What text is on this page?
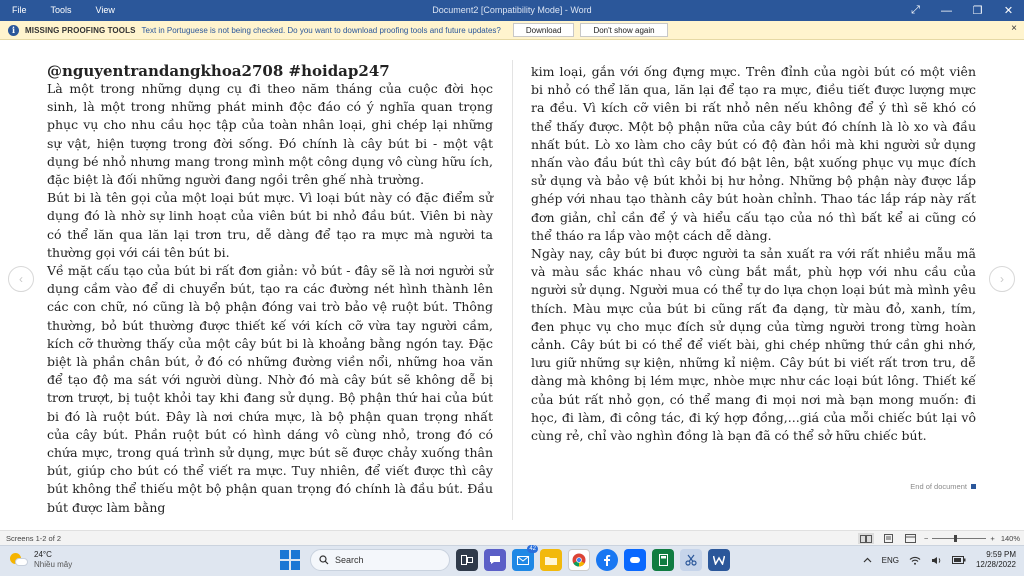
File	Tools	View	Document2 [Compatibility Mode] - Word	⤢	—	❐	✕
i	MISSING PROOFING TOOLS Text in Portuguese is not being checked. Do you want to download proofing tools and future updates?	Download	Don't show again	×
@nguyentrandangkhoa2708 #hoidap247

Là một trong những dụng cụ đi theo năm tháng của cuộc đời học sinh, là một trong những phát minh độc đáo có ý nghĩa quan trọng phục vụ cho nhu cầu học tập của toàn nhân loại, ghi chép lại những sự vật, hiện tượng trong đời sống. Đó chính là cây bút bi - một vật dụng bé nhỏ nhưng mang trong mình một công dụng vô cùng hữu ích, đặc biệt là đối những người đang ngồi trên ghế nhà trường.

Bút bi là tên gọi của một loại bút mực. Vì loại bút này có đặc điểm sử dụng đó là nhờ sự linh hoạt của viên bút bi nhỏ đầu bút. Viên bi này có thể lăn qua lăn lại trơn tru, dễ dàng để tạo ra mực mà người ta thường gọi với cái tên bút bi.

Về mặt cấu tạo của bút bi rất đơn giản: vỏ bút - đây sẽ là nơi người sử dụng cầm vào để di chuyển bút, tạo ra các đường nét hình thành lên các con chữ, nó cũng là bộ phận đóng vai trò bảo vệ ruột bút. Thông thường, bỏ bút thường được thiết kế với kích cỡ vừa tay người cầm, kích cỡ thường thấy của một cây bút bi là khoảng bằng ngón tay. Đặc biệt là phần chân bút, ở đó có những đường viền nổi, những hoa văn để tạo độ ma sát với người dùng. Nhờ đó mà cây bút sẽ không dễ bị trơn trượt, bị tuột khỏi tay khi đang sử dụng. Bộ phận thứ hai của bút bi đó là ruột bút. Đây là nơi chứa mực, là bộ phận quan trọng nhất của cây bút. Phần ruột bút có hình dáng vô cùng nhỏ, trong đó có chứa mực, trong quá trình sử dụng, mực bút sẽ được chảy xuống thân bút, giúp cho bút có thể viết ra mực. Tuy nhiên, để viết được thì cây bút không thể thiếu một bộ phận quan trọng đó chính là đầu bút. Đầu bút được làm bằng

kim loại, gắn với ống đựng mực. Trên đỉnh của ngòi bút có một viên bi nhỏ có thể lăn qua, lăn lại để tạo ra mực, điều tiết được lượng mực ra đều. Vì kích cỡ viên bi rất nhỏ nên nếu không để ý thì sẽ khó có thể thấy được. Một bộ phận nữa của cây bút đó chính là lò xo và đầu nhất bút. Lò xo làm cho cây bút có độ đàn hồi mà khi người sử dụng nhấn vào đầu bút thì cây bút đó bật lên, bật xuống phục vụ mục đích sử dụng và bảo vệ bút khỏi bị hư hỏng. Những bộ phận này được lắp ghép với nhau tạo thành cây bút hoàn chỉnh. Thao tác lắp ráp này rất đơn giản, chỉ cần để ý và hiểu cấu tạo của nó thì bất kể ai cũng có thể tháo ra lắp vào một cách dễ dàng.

Ngày nay, cây bút bi được người ta sản xuất ra với rất nhiều mẫu mã và màu sắc khác nhau vô cùng bắt mắt, phù hợp với nhu cầu của người sử dụng. Người mua có thể tự do lựa chọn loại bút mà mình yêu thích. Màu mực của bút bi cũng rất đa dạng, từ màu đỏ, xanh, tím, đen phục vụ cho mục đích sử dụng của từng người trong từng hoàn cảnh. Cây bút bi có thể để viết bài, ghi chép những thứ cần ghi nhớ, lưu giữ những sự kiện, những kỉ niệm. Cây bút bi viết rất trơn tru, dễ dàng mà không bị lém mực, nhòe mực như các loại bút lông. Thiết kế của bút rất nhỏ gọn, có thể mang đi mọi nơi mà bạn mong muốn: đi học, đi làm, đi công tác, đi ký hợp đồng,...giá của mỗi chiếc bút lại vô cùng rẻ, chỉ vào nghìn đồng là bạn đã có thể sở hữu chiếc bút.

End of document
‹	›
Screens 1-2 of 2	−	+ 140%
24°C
Nhiều mây	Search
42
ENG
9:59 PM
12/28/2022
